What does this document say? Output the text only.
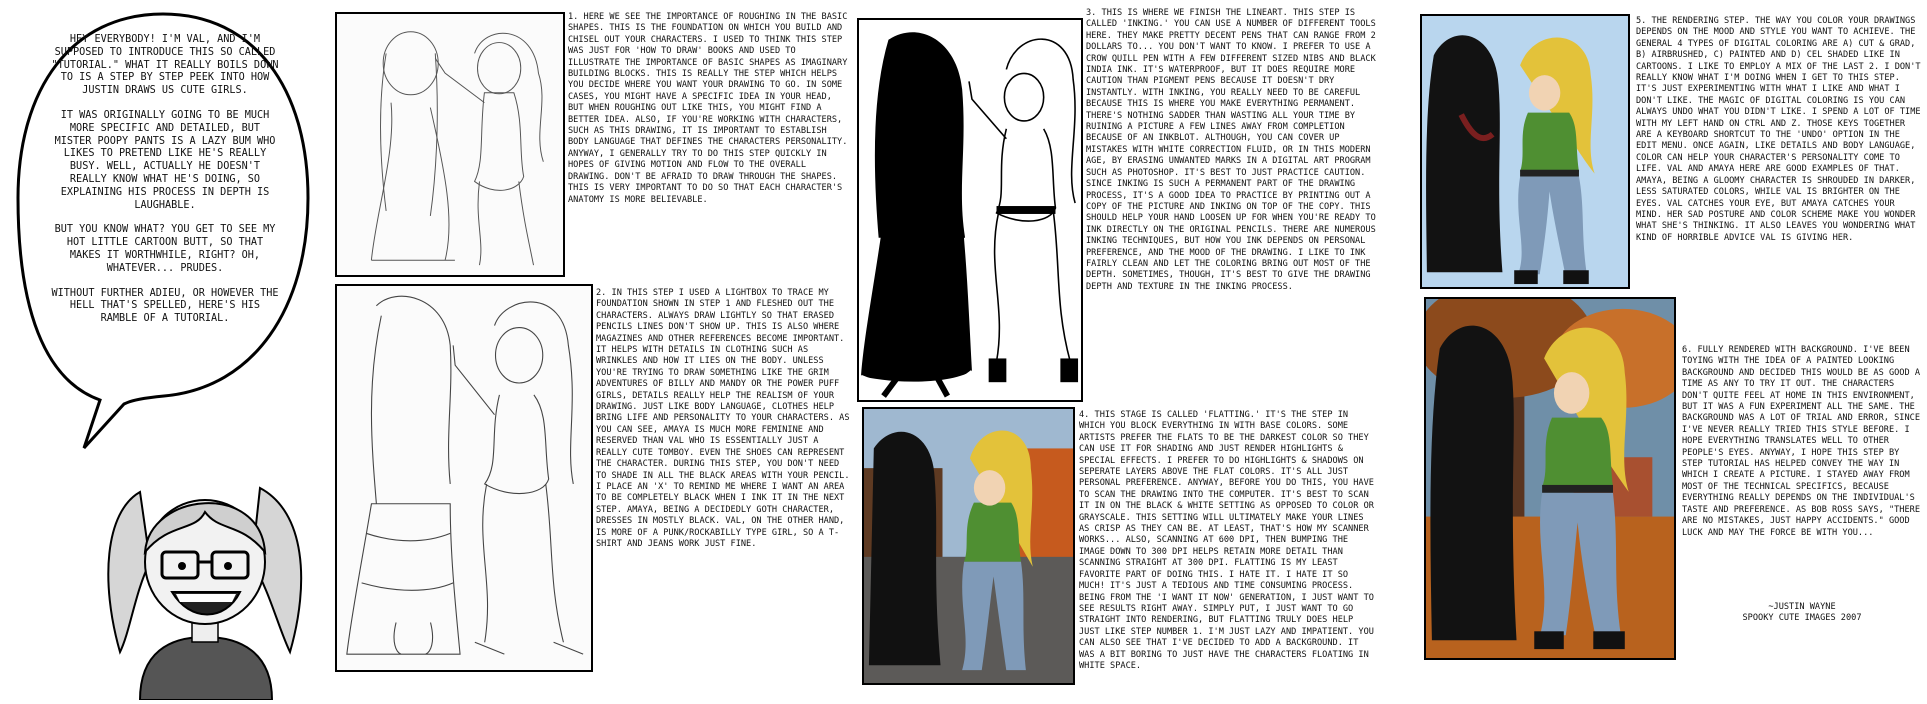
HEY EVERYBODY! I'M VAL, AND I'M SUPPOSED TO INTRODUCE THIS SO CALLED "TUTORIAL." WHAT IT REALLY BOILS DOWN TO IS A STEP BY STEP PEEK INTO HOW JUSTIN DRAWS US CUTE GIRLS.

IT WAS ORIGINALLY GOING TO BE MUCH MORE SPECIFIC AND DETAILED, BUT MISTER POOPY PANTS IS A LAZY BUM WHO LIKES TO PRETEND LIKE HE'S REALLY BUSY. WELL, ACTUALLY HE DOESN'T REALLY KNOW WHAT HE'S DOING, SO EXPLAINING HIS PROCESS IN DEPTH IS LAUGHABLE.

BUT YOU KNOW WHAT? YOU GET TO SEE MY HOT LITTLE CARTOON BUTT, SO THAT MAKES IT WORTHWHILE, RIGHT? OH, WHATEVER... PRUDES.

WITHOUT FURTHER ADIEU, OR HOWEVER THE HELL THAT'S SPELLED, HERE'S HIS RAMBLE OF A TUTORIAL.

1. HERE WE SEE THE IMPORTANCE OF ROUGHING IN THE BASIC SHAPES. THIS IS THE FOUNDATION ON WHICH YOU BUILD AND CHISEL OUT YOUR CHARACTERS. I USED TO THINK THIS STEP WAS JUST FOR 'HOW TO DRAW' BOOKS AND USED TO ILLUSTRATE THE IMPORTANCE OF BASIC SHAPES AS IMAGINARY BUILDING BLOCKS. THIS IS REALLY THE STEP WHICH HELPS YOU DECIDE WHERE YOU WANT YOUR DRAWING TO GO. IN SOME CASES, YOU MIGHT HAVE A SPECIFIC IDEA IN YOUR HEAD, BUT WHEN ROUGHING OUT LIKE THIS, YOU MIGHT FIND A BETTER IDEA. ALSO, IF YOU'RE WORKING WITH CHARACTERS, SUCH AS THIS DRAWING, IT IS IMPORTANT TO ESTABLISH BODY LANGUAGE THAT DEFINES THE CHARACTERS PERSONALITY. ANYWAY, I GENERALLY TRY TO DO THIS STEP QUICKLY IN HOPES OF GIVING MOTION AND FLOW TO THE OVERALL DRAWING. DON'T BE AFRAID TO DRAW THROUGH THE SHAPES. THIS IS VERY IMPORTANT TO DO SO THAT EACH CHARACTER'S ANATOMY IS MORE BELIEVABLE.
2. IN THIS STEP I USED A LIGHTBOX TO TRACE MY FOUNDATION SHOWN IN STEP 1 AND FLESHED OUT THE CHARACTERS. ALWAYS DRAW LIGHTLY SO THAT ERASED PENCILS LINES DON'T SHOW UP. THIS IS ALSO WHERE MAGAZINES AND OTHER REFERENCES BECOME IMPORTANT. IT HELPS WITH DETAILS IN CLOTHING SUCH AS WRINKLES AND HOW IT LIES ON THE BODY. UNLESS YOU'RE TRYING TO DRAW SOMETHING LIKE THE GRIM ADVENTURES OF BILLY AND MANDY OR THE POWER PUFF GIRLS, DETAILS REALLY HELP THE REALISM OF YOUR DRAWING. JUST LIKE BODY LANGUAGE, CLOTHES HELP BRING LIFE AND PERSONALITY TO YOUR CHARACTERS. AS YOU CAN SEE, AMAYA IS MUCH MORE FEMININE AND RESERVED THAN VAL WHO IS ESSENTIALLY JUST A REALLY CUTE TOMBOY. EVEN THE SHOES CAN REPRESENT THE CHARACTER. DURING THIS STEP, YOU DON'T NEED TO SHADE IN ALL THE BLACK AREAS WITH YOUR PENCIL. I PLACE AN 'X' TO REMIND ME WHERE I WANT AN AREA TO BE COMPLETELY BLACK WHEN I INK IT IN THE NEXT STEP. AMAYA, BEING A DECIDEDLY GOTH CHARACTER, DRESSES IN MOSTLY BLACK. VAL, ON THE OTHER HAND, IS MORE OF A PUNK/ROCKABILLY TYPE GIRL, SO A T-SHIRT AND JEANS WORK JUST FINE.
3. THIS IS WHERE WE FINISH THE LINEART. THIS STEP IS CALLED 'INKING.' YOU CAN USE A NUMBER OF DIFFERENT TOOLS HERE. THEY MAKE PRETTY DECENT PENS THAT CAN RANGE FROM 2 DOLLARS TO... YOU DON'T WANT TO KNOW. I PREFER TO USE A CROW QUILL PEN WITH A FEW DIFFERENT SIZED NIBS AND BLACK INDIA INK. IT'S WATERPROOF, BUT IT DOES REQUIRE MORE CAUTION THAN PIGMENT PENS BECAUSE IT DOESN'T DRY INSTANTLY. WITH INKING, YOU REALLY NEED TO BE CAREFUL BECAUSE THIS IS WHERE YOU MAKE EVERYTHING PERMANENT. THERE'S NOTHING SADDER THAN WASTING ALL YOUR TIME BY RUINING A PICTURE A FEW LINES AWAY FROM COMPLETION BECAUSE OF AN INKBLOT. ALTHOUGH, YOU CAN COVER UP MISTAKES WITH WHITE CORRECTION FLUID, OR IN THIS MODERN AGE, BY ERASING UNWANTED MARKS IN A DIGITAL ART PROGRAM SUCH AS PHOTOSHOP. IT'S BEST TO JUST PRACTICE CAUTION. SINCE INKING IS SUCH A PERMANENT PART OF THE DRAWING PROCESS, IT'S A GOOD IDEA TO PRACTICE BY PRINTING OUT A COPY OF THE PICTURE AND INKING ON TOP OF THE COPY. THIS SHOULD HELP YOUR HAND LOOSEN UP FOR WHEN YOU'RE READY TO INK DIRECTLY ON THE ORIGINAL PENCILS. THERE ARE NUMEROUS INKING TECHNIQUES, BUT HOW YOU INK DEPENDS ON PERSONAL PREFERENCE, AND THE MOOD OF THE DRAWING. I LIKE TO INK FAIRLY CLEAN AND LET THE COLORING BRING OUT MOST OF THE DEPTH. SOMETIMES, THOUGH, IT'S BEST TO GIVE THE DRAWING DEPTH AND TEXTURE IN THE INKING PROCESS.
4. THIS STAGE IS CALLED 'FLATTING.' IT'S THE STEP IN WHICH YOU BLOCK EVERYTHING IN WITH BASE COLORS. SOME ARTISTS PREFER THE FLATS TO BE THE DARKEST COLOR SO THEY CAN USE IT FOR SHADING AND JUST RENDER HIGHLIGHTS & SPECIAL EFFECTS. I PREFER TO DO HIGHLIGHTS & SHADOWS ON SEPERATE LAYERS ABOVE THE FLAT COLORS. IT'S ALL JUST PERSONAL PREFERENCE. ANYWAY, BEFORE YOU DO THIS, YOU HAVE TO SCAN THE DRAWING INTO THE COMPUTER. IT'S BEST TO SCAN IT IN ON THE BLACK & WHITE SETTING AS OPPOSED TO COLOR OR GRAYSCALE. THIS SETTING WILL ULTIMATELY MAKE YOUR LINES AS CRISP AS THEY CAN BE. AT LEAST, THAT'S HOW MY SCANNER WORKS... ALSO, SCANNING AT 600 DPI, THEN BUMPING THE IMAGE DOWN TO 300 DPI HELPS RETAIN MORE DETAIL THAN SCANNING STRAIGHT AT 300 DPI. FLATTING IS MY LEAST FAVORITE PART OF DOING THIS. I HATE IT. I HATE IT SO MUCH! IT'S JUST A TEDIOUS AND TIME CONSUMING PROCESS. BEING FROM THE 'I WANT IT NOW' GENERATION, I JUST WANT TO SEE RESULTS RIGHT AWAY. SIMPLY PUT, I JUST WANT TO GO STRAIGHT INTO RENDERING, BUT FLATTING TRULY DOES HELP JUST LIKE STEP NUMBER 1. I'M JUST LAZY AND IMPATIENT. YOU CAN ALSO SEE THAT I'VE DECIDED TO ADD A BACKGROUND. IT WAS A BIT BORING TO JUST HAVE THE CHARACTERS FLOATING IN WHITE SPACE.
5. THE RENDERING STEP. THE WAY YOU COLOR YOUR DRAWINGS DEPENDS ON THE MOOD AND STYLE YOU WANT TO ACHIEVE. THE GENERAL 4 TYPES OF DIGITAL COLORING ARE A) CUT & GRAD, B) AIRBRUSHED, C) PAINTED AND D) CEL SHADED LIKE IN CARTOONS. I LIKE TO EMPLOY A MIX OF THE LAST 2. I DON'T REALLY KNOW WHAT I'M DOING WHEN I GET TO THIS STEP. IT'S JUST EXPERIMENTING WITH WHAT I LIKE AND WHAT I DON'T LIKE. THE MAGIC OF DIGITAL COLORING IS YOU CAN ALWAYS UNDO WHAT YOU DIDN'T LIKE. I SPEND A LOT OF TIME WITH MY LEFT HAND ON CTRL AND Z. THOSE KEYS TOGETHER ARE A KEYBOARD SHORTCUT TO THE 'UNDO' OPTION IN THE EDIT MENU. ONCE AGAIN, LIKE DETAILS AND BODY LANGUAGE, COLOR CAN HELP YOUR CHARACTER'S PERSONALITY COME TO LIFE. VAL AND AMAYA HERE ARE GOOD EXAMPLES OF THAT. AMAYA, BEING A GLOOMY CHARACTER IS SHROUDED IN DARKER, LESS SATURATED COLORS, WHILE VAL IS BRIGHTER ON THE EYES. VAL CATCHES YOUR EYE, BUT AMAYA CATCHES YOUR MIND. HER SAD POSTURE AND COLOR SCHEME MAKE YOU WONDER WHAT SHE'S THINKING. IT ALSO LEAVES YOU WONDERING WHAT KIND OF HORRIBLE ADVICE VAL IS GIVING HER.
6. FULLY RENDERED WITH BACKGROUND. I'VE BEEN TOYING WITH THE IDEA OF A PAINTED LOOKING BACKGROUND AND DECIDED THIS WOULD BE AS GOOD A TIME AS ANY TO TRY IT OUT. THE CHARACTERS DON'T QUITE FEEL AT HOME IN THIS ENVIRONMENT, BUT IT WAS A FUN EXPERIMENT ALL THE SAME. THE BACKGROUND WAS A LOT OF TRIAL AND ERROR, SINCE I'VE NEVER REALLY TRIED THIS STYLE BEFORE. I HOPE EVERYTHING TRANSLATES WELL TO OTHER PEOPLE'S EYES. ANYWAY, I HOPE THIS STEP BY STEP TUTORIAL HAS HELPED CONVEY THE WAY IN WHICH I CREATE A PICTURE. I STAYED AWAY FROM MOST OF THE TECHNICAL SPECIFICS, BECAUSE EVERYTHING REALLY DEPENDS ON THE INDIVIDUAL'S TASTE AND PREFERENCE. AS BOB ROSS SAYS, "THERE ARE NO MISTAKES, JUST HAPPY ACCIDENTS." GOOD LUCK AND MAY THE FORCE BE WITH YOU...
~JUSTIN WAYNE
SPOOKY CUTE IMAGES 2007
